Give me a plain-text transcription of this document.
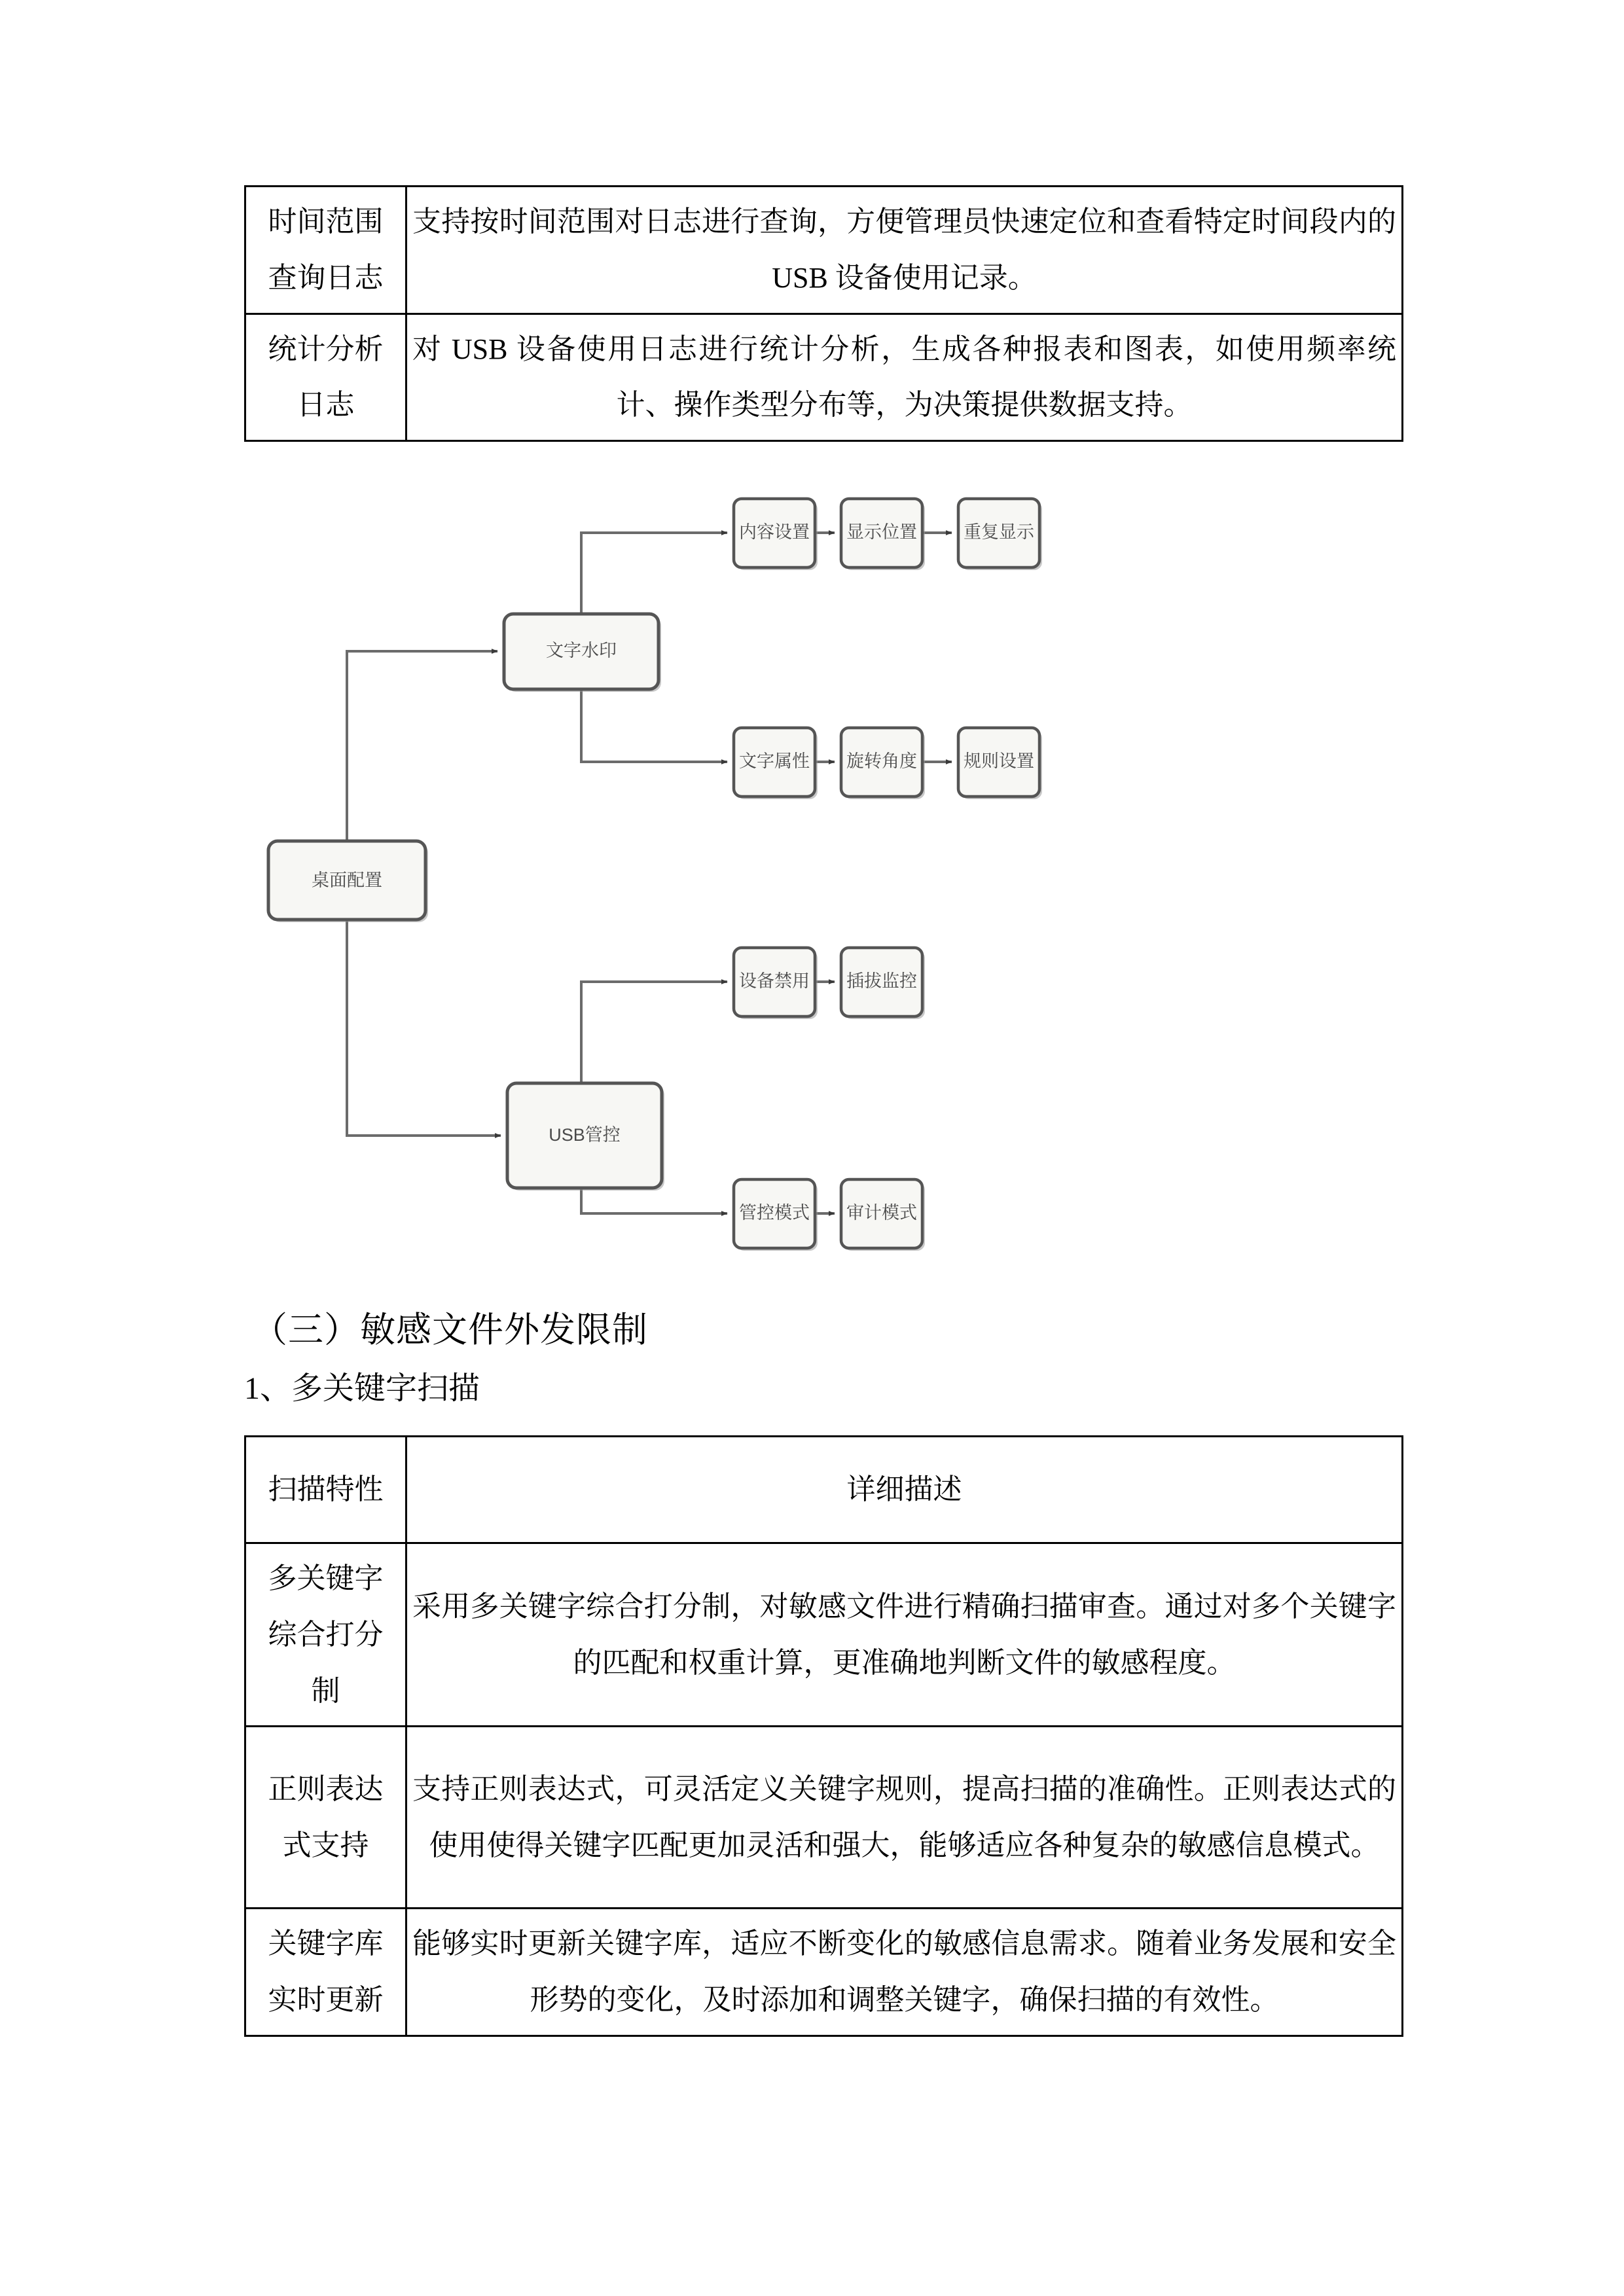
时间范围
查询日志	支持按时间范围对日志进行查询，方便管理员快速定位和查看特定时间段内的 USB 设备使用记录。

统计分析
日志	对 USB 设备使用日志进行统计分析，生成各种报表和图表，如使用频率统计、操作类型分布等，为决策提供数据支持。
桌面配置
文字水印
USB管控
内容设置 显示位置	重复显示
文字属性 旋转角度	规则设置
设备禁用 插拔监控
管控模式 审计模式
（三）敏感文件外发限制
1、多关键字扫描
扫描特性	详细描述

多关键字
综合打分
制	采用多关键字综合打分制，对敏感文件进行精确扫描审查。通过对多个关键字的匹配和权重计算，更准确地判断文件的敏感程度。

正则表达
式支持	支持正则表达式，可灵活定义关键字规则，提高扫描的准确性。正则表达式的使用使得关键字匹配更加灵活和强大，能够适应各种复杂的敏感信息模式。

关键字库
实时更新	能够实时更新关键字库，适应不断变化的敏感信息需求。随着业务发展和安全形势的变化，及时添加和调整关键字，确保扫描的有效性。
